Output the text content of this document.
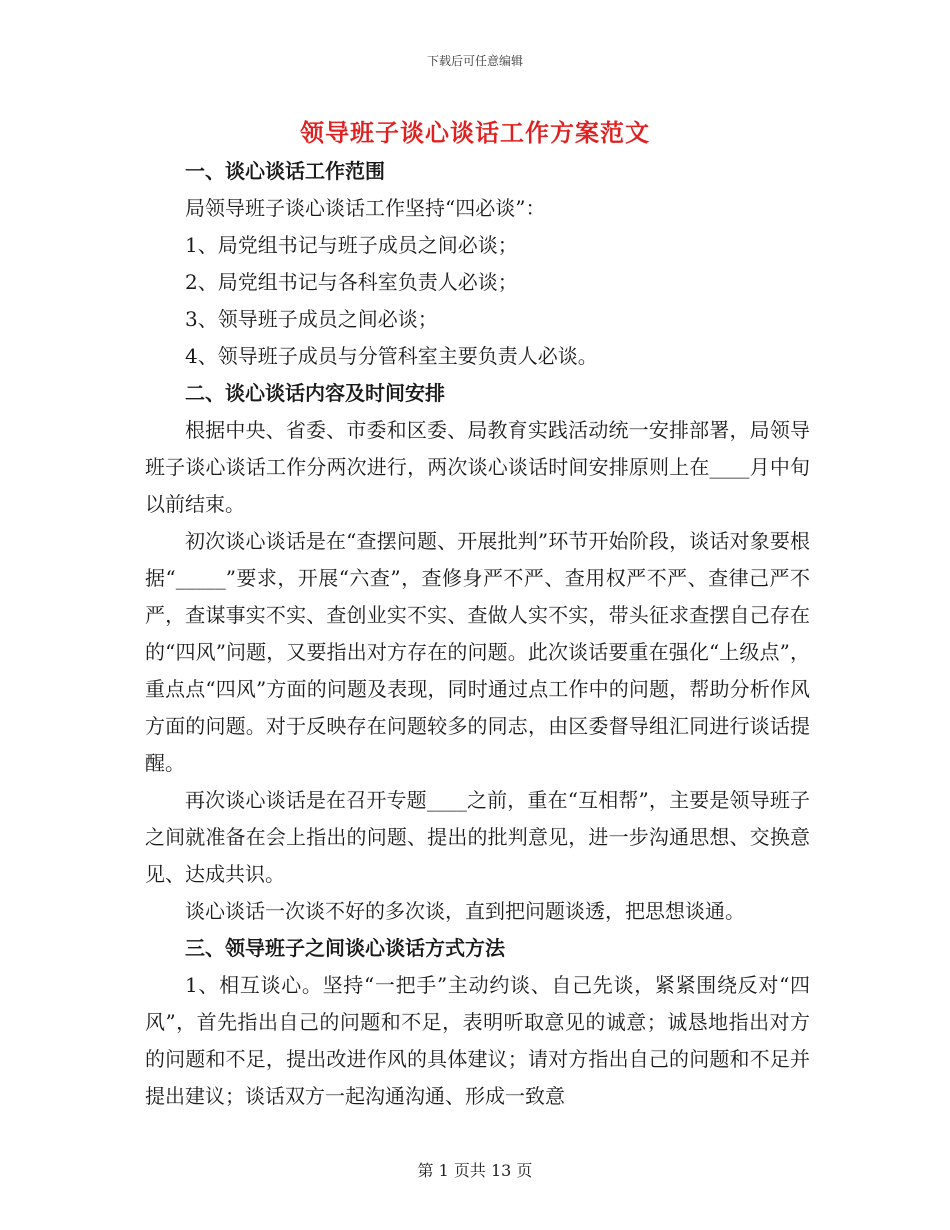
下载后可任意编辑
领导班子谈心谈话工作方案范文

一、谈心谈话工作范围

局领导班子谈心谈话工作坚持“四必谈”：

1、局党组书记与班子成员之间必谈；

2、局党组书记与各科室负责人必谈；

3、领导班子成员之间必谈；

4、领导班子成员与分管科室主要负责人必谈。

二、谈心谈话内容及时间安排

根据中央、省委、市委和区委、局教育实践活动统一安排部署，局领导班子谈心谈话工作分两次进行，两次谈心谈话时间安排原则上在____月中旬以前结束。

初次谈心谈话是在“查摆问题、开展批判”环节开始阶段，谈话对象要根据“_____”要求，开展“六查”，查修身严不严、查用权严不严、查律己严不严，查谋事实不实、查创业实不实、查做人实不实，带头征求查摆自己存在的“四风”问题，又要指出对方存在的问题。此次谈话要重在强化“上级点”，重点点“四风”方面的问题及表现，同时通过点工作中的问题，帮助分析作风方面的问题。对于反映存在问题较多的同志，由区委督导组汇同进行谈话提醒。

再次谈心谈话是在召开专题____之前，重在“互相帮”，主要是领导班子之间就准备在会上指出的问题、提出的批判意见，进一步沟通思想、交换意见、达成共识。

谈心谈话一次谈不好的多次谈，直到把问题谈透，把思想谈通。

三、领导班子之间谈心谈话方式方法

1、相互谈心。坚持“一把手”主动约谈、自己先谈，紧紧围绕反对“四风”，首先指出自己的问题和不足，表明听取意见的诚意；诚恳地指出对方的问题和不足，提出改进作风的具体建议；请对方指出自己的问题和不足并提出建议；谈话双方一起沟通沟通、形成一致意

第 1 页共 13 页
